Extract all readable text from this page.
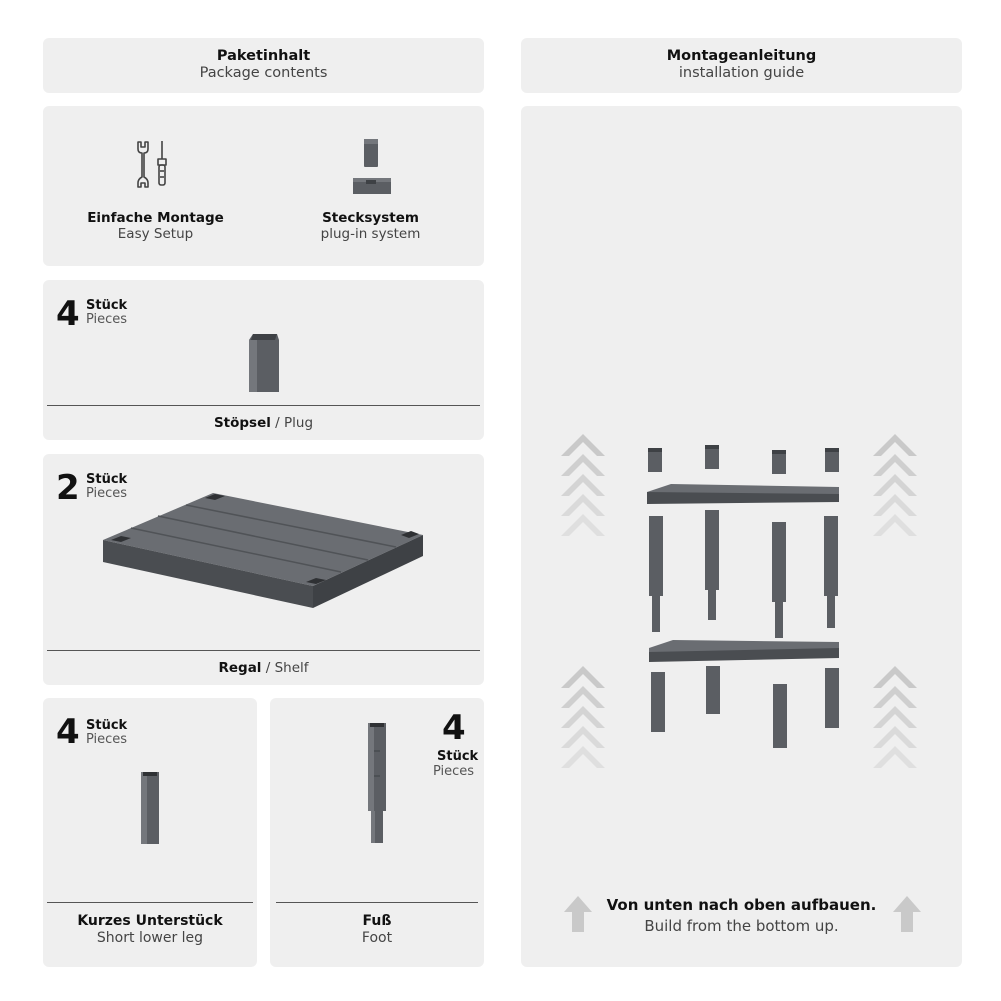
Paketinhalt
Package contents
Montageanleitung
installation guide
Einfache Montage
Easy Setup
Stecksystem
plug-in system
4 Stück
Pieces
Stöpsel / Plug
2 Stück
Pieces
Regal / Shelf
4 Stück
Pieces
Kurzes Unterstück
Short lower leg
4
Stück
Pieces
Fuß
Foot
Von unten nach oben aufbauen.
Build from the bottom up.
